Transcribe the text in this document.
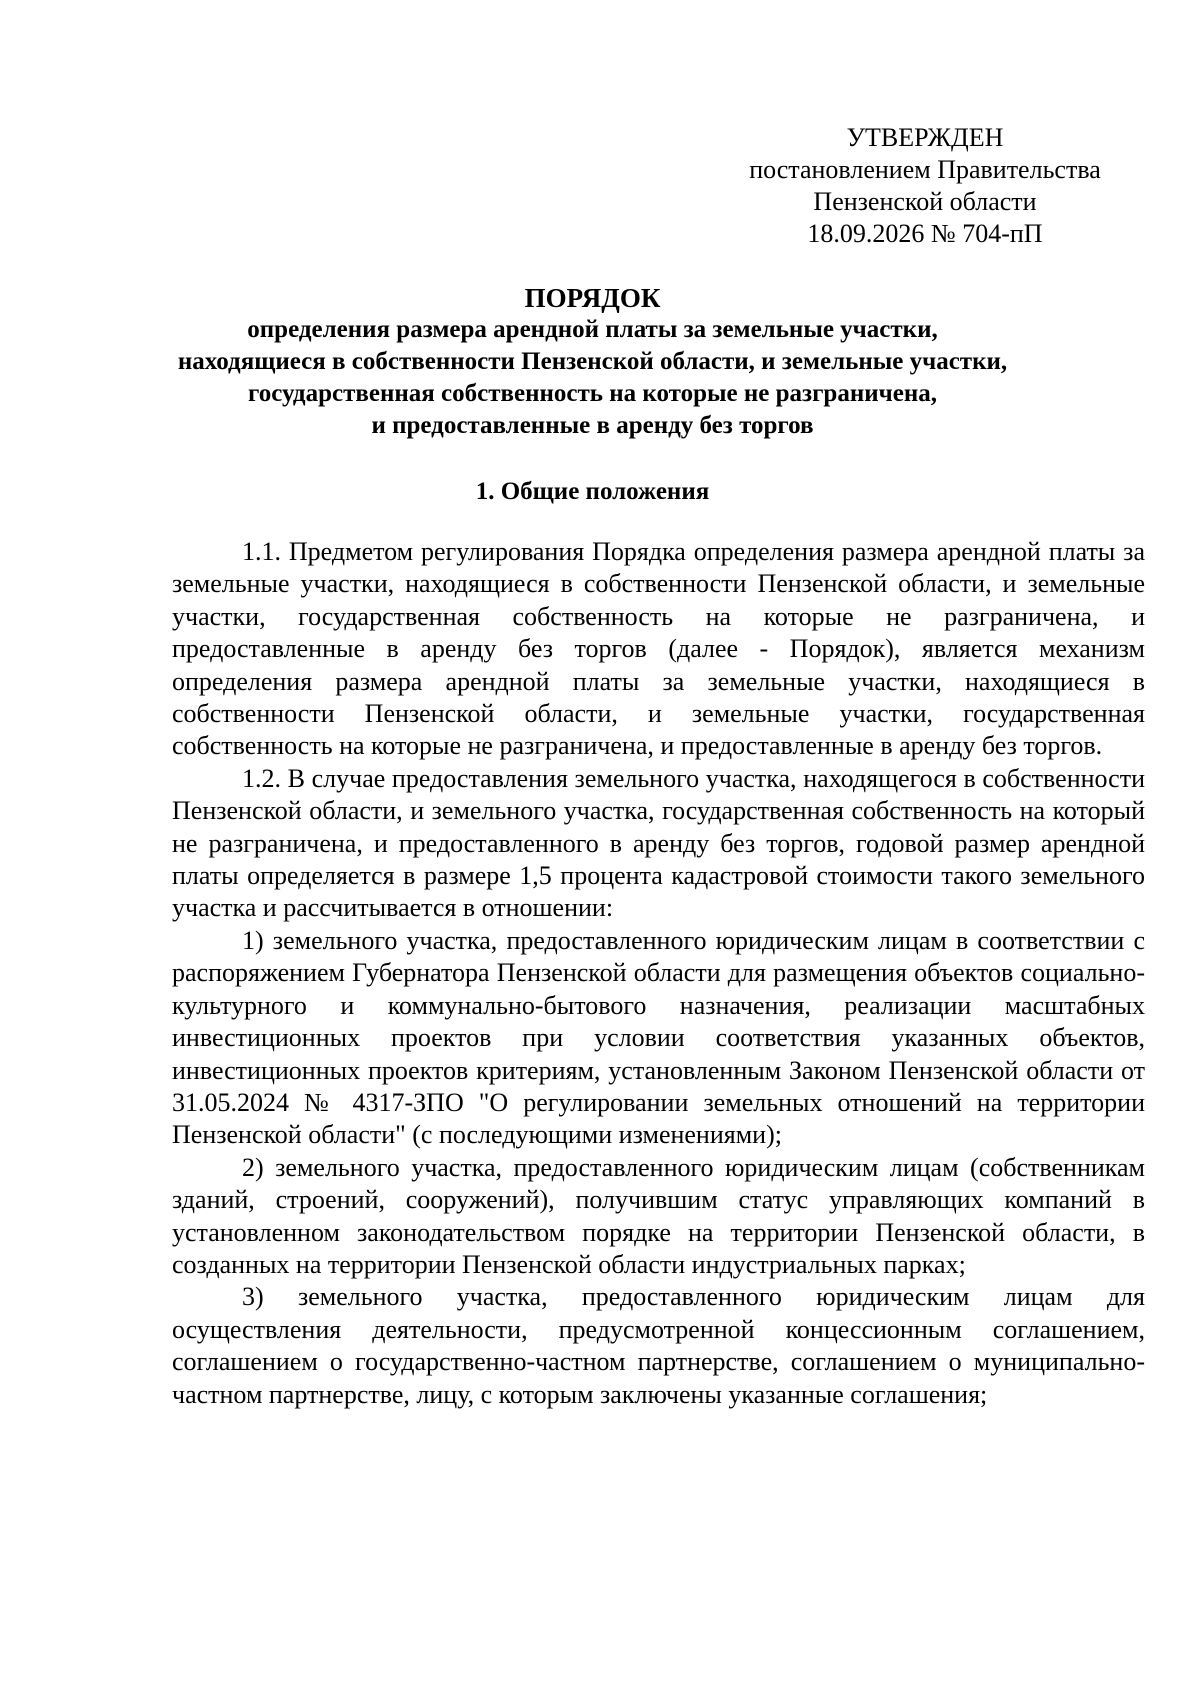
УТВЕРЖДЕН
постановлением Правительства
Пензенской области
18.09.2026 № 704-пП
ПОРЯДОК
определения размера арендной платы за земельные участки,
находящиеся в собственности Пензенской области, и земельные участки,
государственная собственность на которые не разграничена,
и предоставленные в аренду без торгов
1. Общие положения

1.1. Предметом регулирования Порядка определения размера арендной платы за земельные участки, находящиеся в собственности Пензенской области, и земельные участки, государственная собственность на которые не разграничена, и предоставленные в аренду без торгов (далее - Порядок), является механизм определения размера арендной платы за земельные участки, находящиеся в собственности Пензенской области, и земельные участки, государственная собственность на которые не разграничена, и предоставленные в аренду без торгов.

1.2. В случае предоставления земельного участка, находящегося в собственности Пензенской области, и земельного участка, государственная собственность на который не разграничена, и предоставленного в аренду без торгов, годовой размер арендной платы определяется в размере 1,5 процента кадастровой стоимости такого земельного участка и рассчитывается в отношении:

1) земельного участка, предоставленного юридическим лицам в соответствии с распоряжением Губернатора Пензенской области для размещения объектов социально-культурного и коммунально-бытового назначения, реализации масштабных инвестиционных проектов при условии соответствия указанных объектов, инвестиционных проектов критериям, установленным Законом Пензенской области от 31.05.2024 № 4317-ЗПО "О регулировании земельных отношений на территории Пензенской области" (с последующими изменениями);

2) земельного участка, предоставленного юридическим лицам (собственникам зданий, строений, сооружений), получившим статус управляющих компаний в установленном законодательством порядке на территории Пензенской области, в созданных на территории Пензенской области индустриальных парках;

3) земельного участка, предоставленного юридическим лицам для осуществления деятельности, предусмотренной концессионным соглашением, соглашением о государственно-частном партнерстве, соглашением о муниципально-частном партнерстве, лицу, с которым заключены указанные соглашения;
